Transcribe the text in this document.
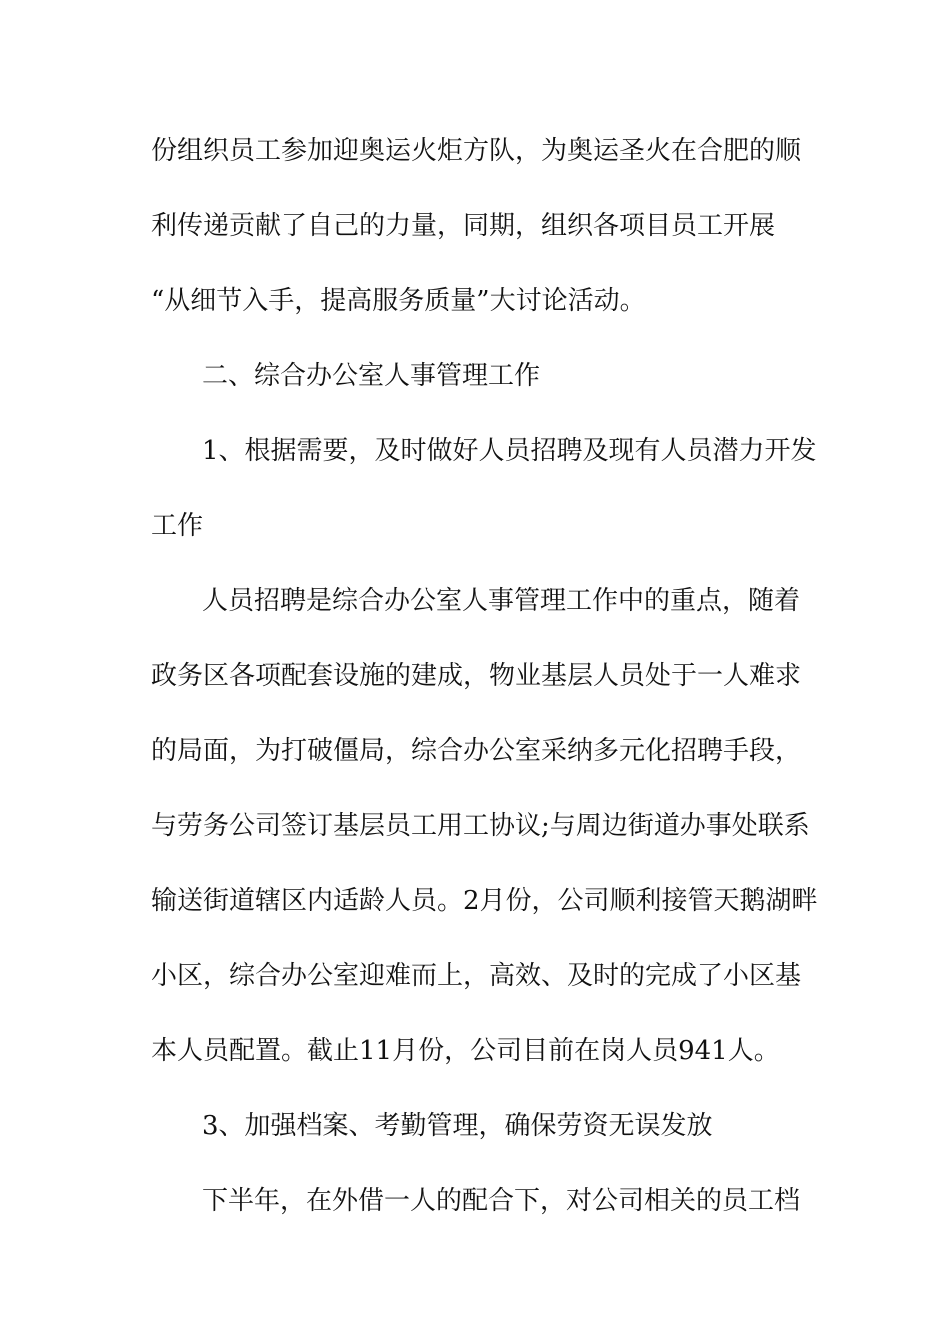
份组织员工参加迎奥运火炬方队，为奥运圣火在合肥的顺

利传递贡献了自己的力量，同期，组织各项目员工开展

“从细节入手，提高服务质量”大讨论活动。

二、综合办公室人事管理工作

1、根据需要，及时做好人员招聘及现有人员潜力开发

工作

人员招聘是综合办公室人事管理工作中的重点，随着

政务区各项配套设施的建成，物业基层人员处于一人难求

的局面，为打破僵局，综合办公室采纳多元化招聘手段，

与劳务公司签订基层员工用工协议;与周边街道办事处联系

输送街道辖区内适龄人员。2月份，公司顺利接管天鹅湖畔

小区，综合办公室迎难而上，高效、及时的完成了小区基

本人员配置。截止11月份，公司目前在岗人员941人。

3、加强档案、考勤管理，确保劳资无误发放

下半年，在外借一人的配合下，对公司相关的员工档
